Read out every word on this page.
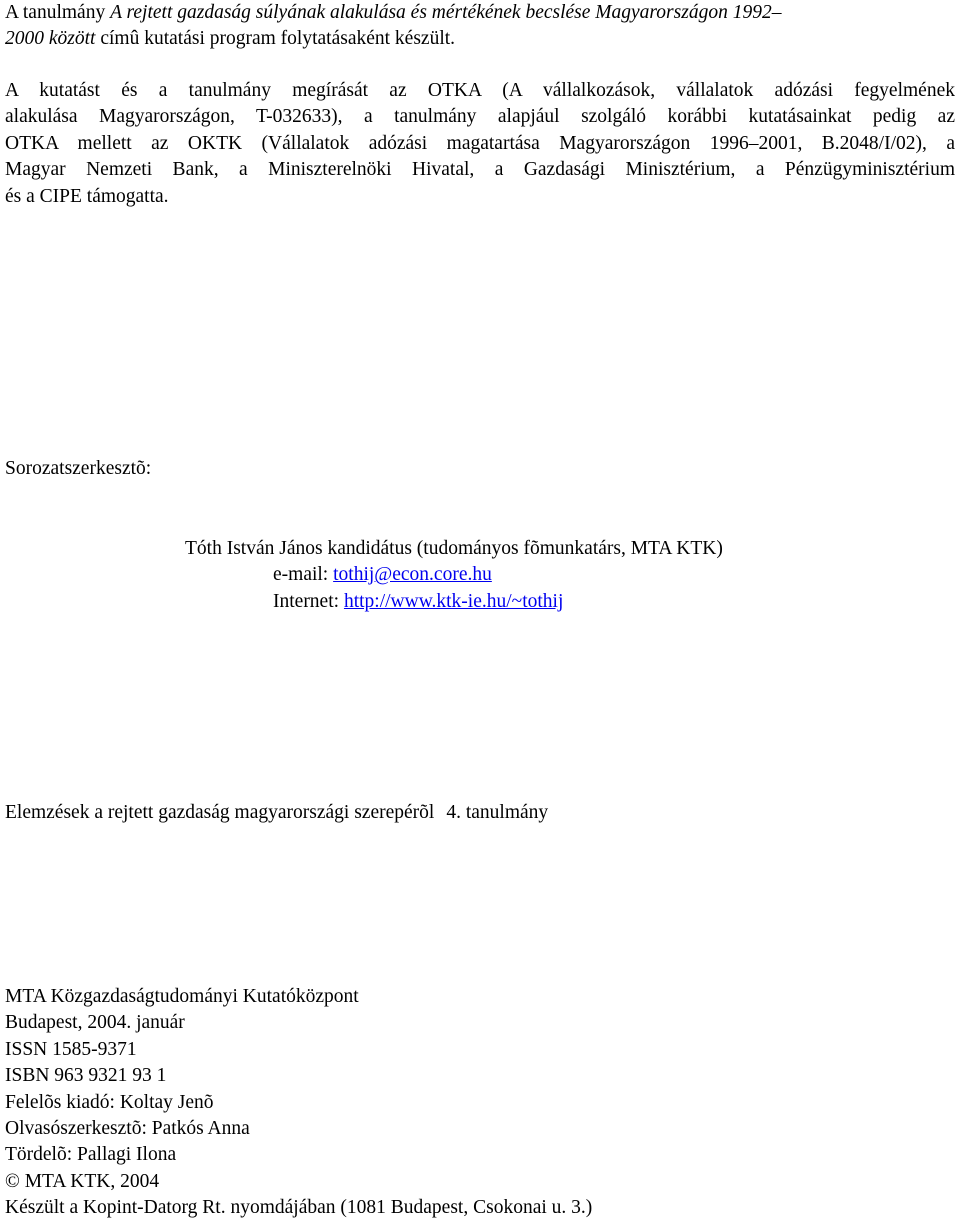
A tanulmány A rejtett gazdaság súlyának alakulása és mértékének becslése Magyarországon 1992–
2000 között címû kutatási program folytatásaként készült.
A kutatást és a tanulmány megírását az OTKA (A vállalkozások, vállalatok adózási fegyelmének
alakulása Magyarországon, T-032633), a tanulmány alapjául szolgáló korábbi kutatásainkat pedig az
OTKA mellett az OKTK (Vállalatok adózási magatartása Magyarországon 1996–2001, B.2048/I/02), a
Magyar Nemzeti Bank, a Miniszterelnöki Hivatal, a Gazdasági Minisztérium, a Pénzügyminisztérium
és a CIPE támogatta.
Sorozatszerkesztõ:
Tóth István János kandidátus (tudományos fõmunkatárs, MTA KTK)
e-mail: tothij@econ.core.hu
Internet: http://www.ktk-ie.hu/~tothij
Elemzések a rejtett gazdaság magyarországi szerepérõl 4. tanulmány
MTA Közgazdaságtudományi Kutatóközpont
Budapest, 2004. január
ISSN 1585-9371
ISBN 963 9321 93 1
Felelõs kiadó: Koltay Jenõ
Olvasószerkesztõ: Patkós Anna
Tördelõ: Pallagi Ilona
© MTA KTK, 2004
Készült a Kopint-Datorg Rt. nyomdájában (1081 Budapest, Csokonai u. 3.)
